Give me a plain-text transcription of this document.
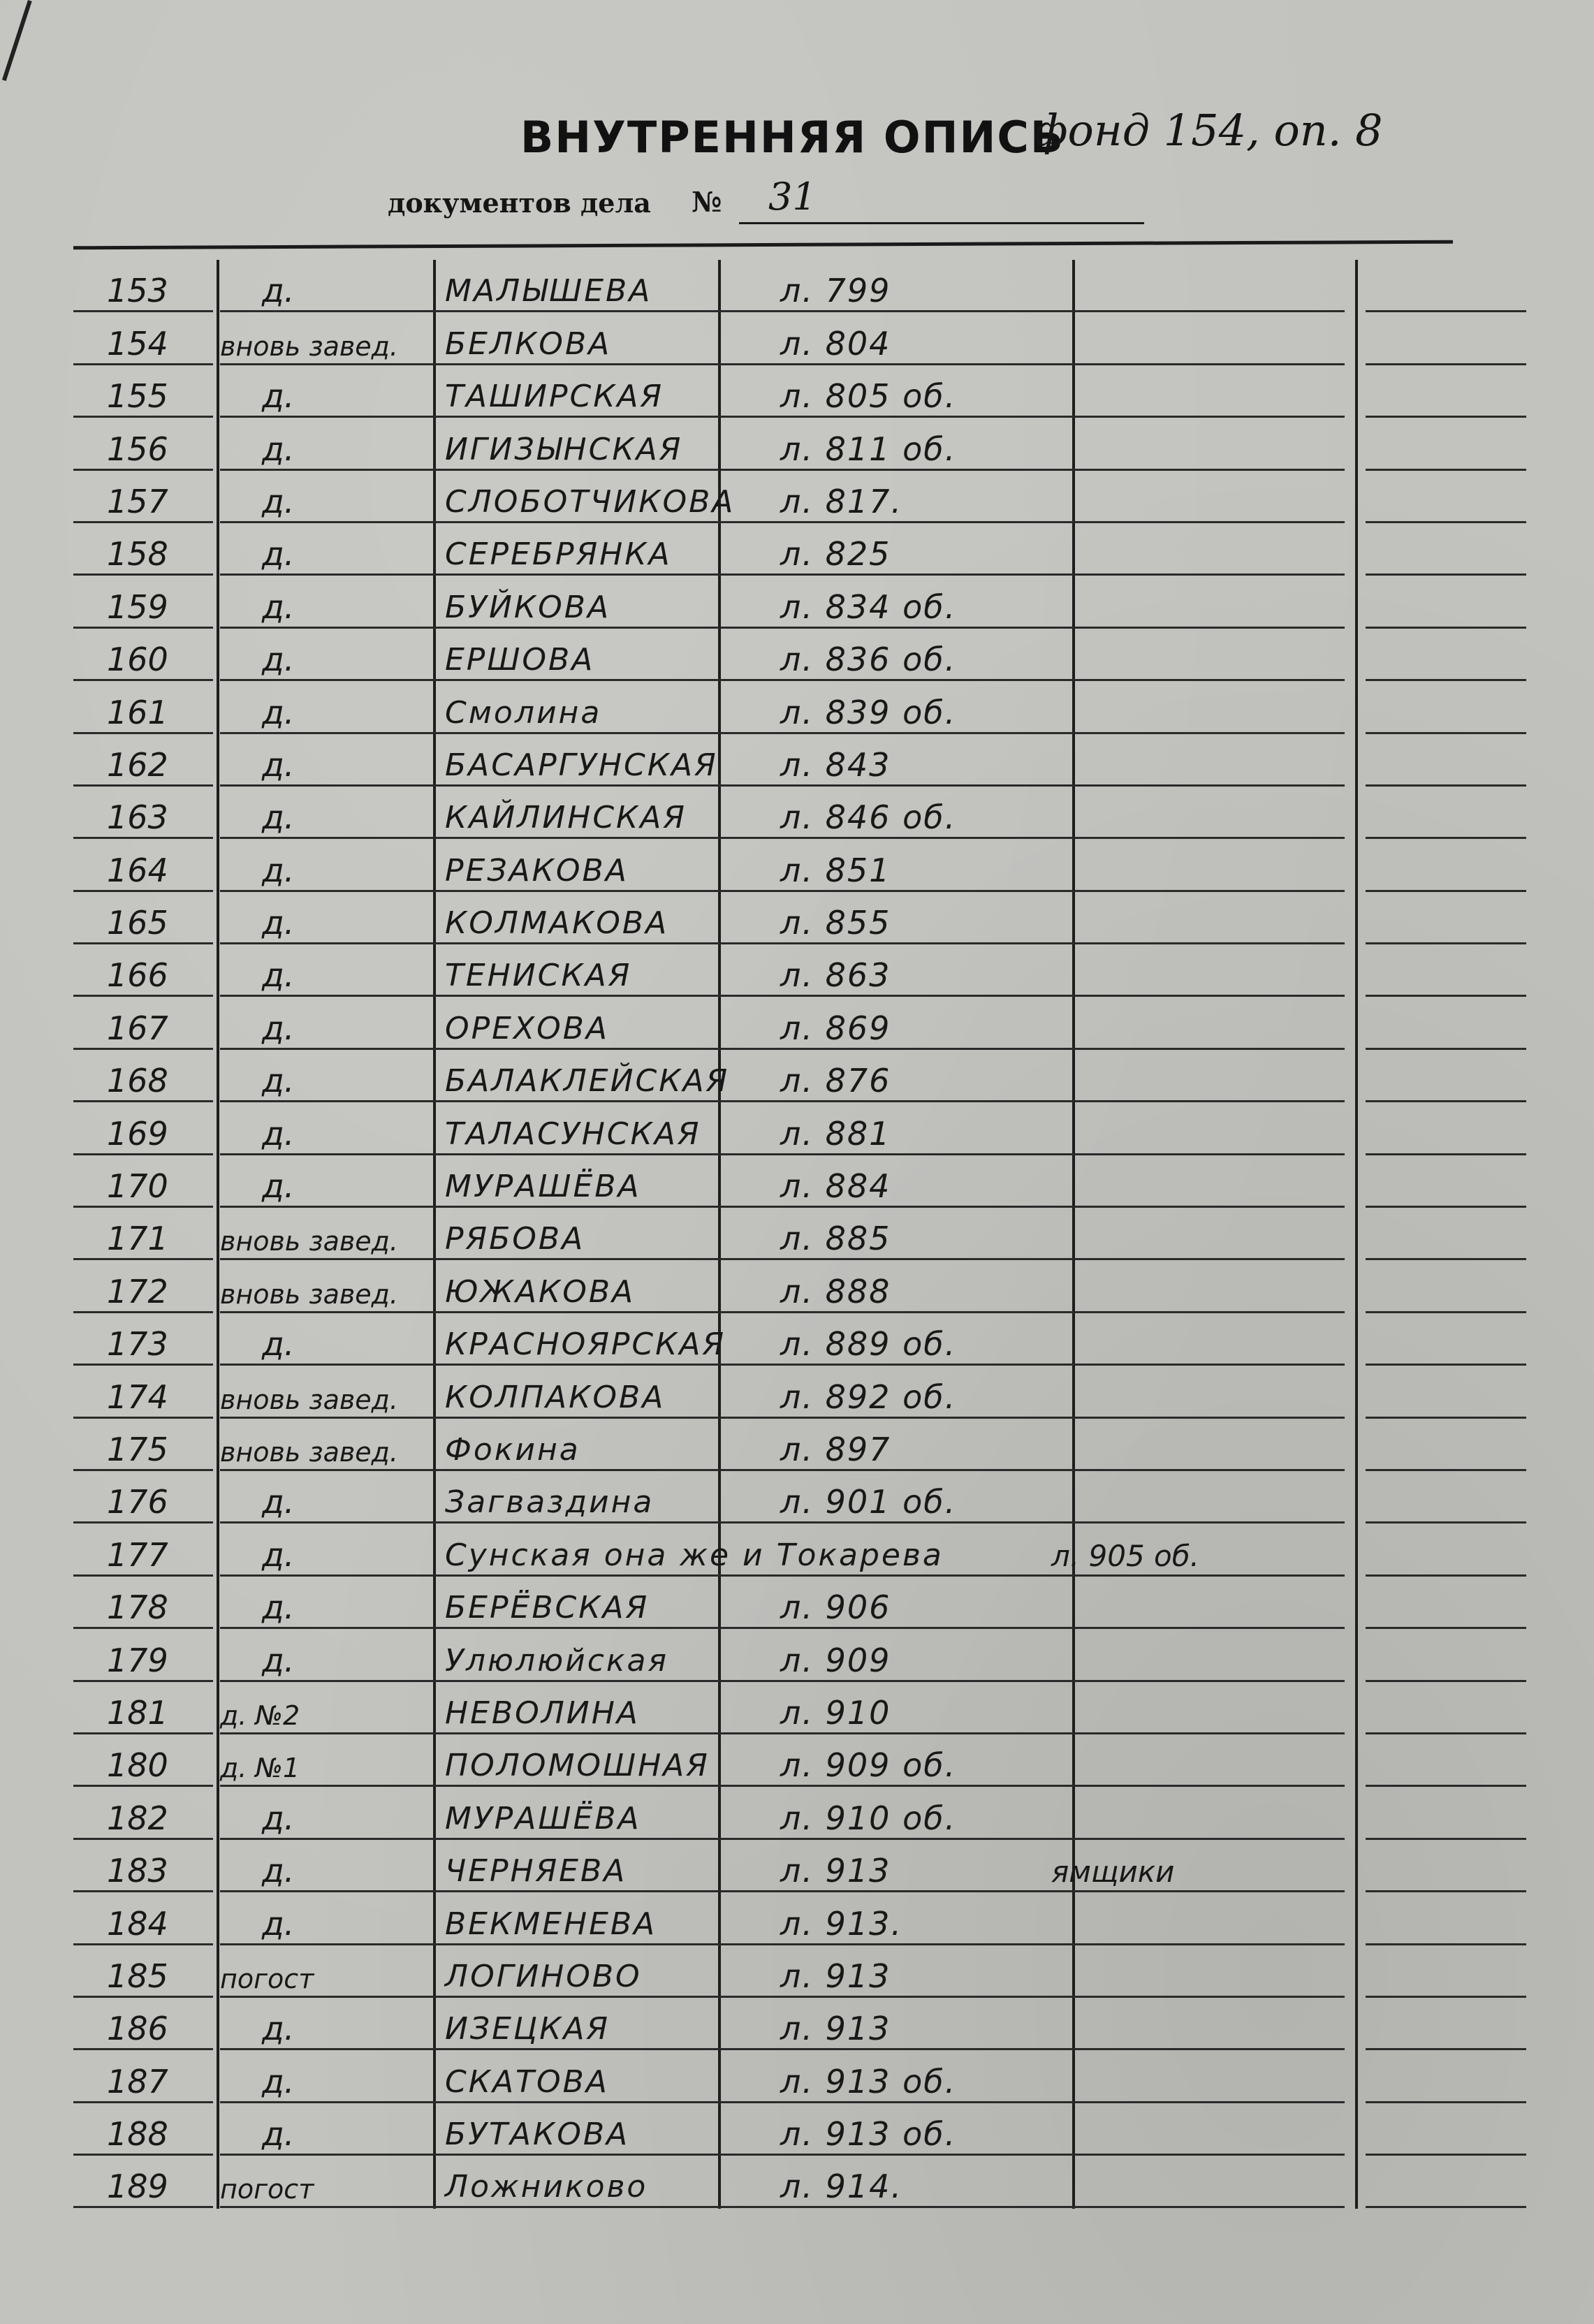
ВНУТРЕННЯЯ ОПИСЬ
фонд 154, оп. 8
документов дела № 31
153	д.	МАЛЫШЕВА	л. 799
154 вновь завед. БЕЛКОВА	л. 804
155	д.	ТАШИРСКАЯ	л. 805 об.
156	д.	ИГИЗЫНСКАЯ	л. 811 об.
157	д.	СЛОБОТЧИКОВА л. 817.
158	д.	СЕРЕБРЯНКА	л. 825
159	д.	БУЙКОВА	л. 834 об.
160	д.	ЕРШОВА	л. 836 об.
161	д.	Смолина	л. 839 об.
162	д.	БАСАРГУНСКАЯ л. 843
163	д.	КАЙЛИНСКАЯ	л. 846 об.
164	д.	РЕЗАКОВА	л. 851
165	д.	КОЛМАКОВА	л. 855
166	д.	ТЕНИСКАЯ	л. 863
167	д.	ОРЕХОВА	л. 869
168	д.	БАЛАКЛЕЙСКАЯ л. 876
169	д.	ТАЛАСУНСКАЯ л. 881
170	д.	МУРАШЁВА	л. 884
171 вновь завед. РЯБОВА	л. 885
172 вновь завед. ЮЖАКОВА	л. 888
173	д.	КРАСНОЯРСКАЯ л. 889 об.
174 вновь завед. КОЛПАКОВА	л. 892 об.
175 вновь завед. Фокина	л. 897
176	д.	Загваздина	л. 901 об.
177	д.	Сунская она же и Токарева	л. 905 об.
178	д.	БЕРЁВСКАЯ	л. 906
179	д.	Улюлюйская	л. 909
181 д. №2	НЕВОЛИНА	л. 910
180 д. №1	ПОЛОМОШНАЯ л. 909 об.
182	д.	МУРАШЁВА	л. 910 об.
183	д.	ЧЕРНЯЕВА	л. 913	ямщики
184	д.	ВЕКМЕНЕВА	л. 913.
185 погост	ЛОГИНОВО	л. 913
186	д.	ИЗЕЦКАЯ	л. 913
187	д.	СКАТОВА	л. 913 об.
188	д.	БУТАКОВА	л. 913 об.
189 погост	Ложниково	л. 914.
